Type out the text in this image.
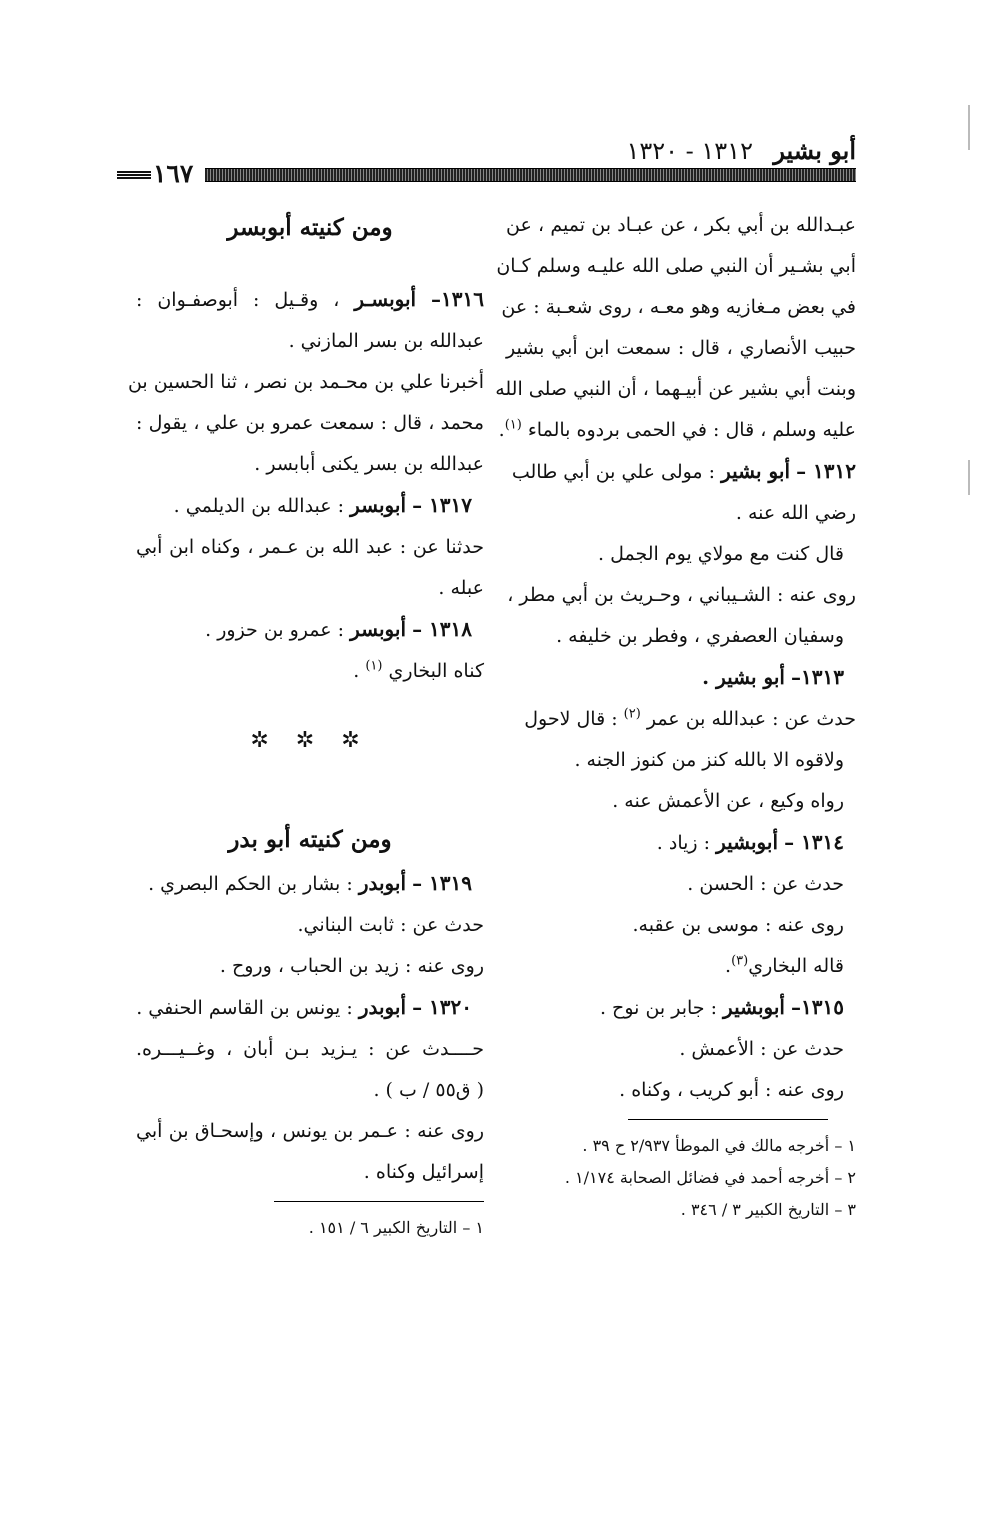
أبو بشير ١٣١٢ - ١٣٢٠
١٦٧
عبـدالله بن أبي بكر ، عن عبـاد بن تميم ، عن
أبي بشـير أن النبي صلى الله عليـه وسلم كـان
في بعض مـغازيه وهو معـه ، روى شعـبة : عن
حبيب الأنصاري ، قال : سمعت ابن أبي بشير
وبنت أبي بشير عن أبيـهما ، أن النبي صلى الله
عليه وسلم ، قال : في الحمى بردوه بالماء $^{(١)}$.
١٣١٢ – أبو بشير : مولى علي بن أبي طالب
رضي الله عنه .
قال كنت مع مولاي يوم الجمل .
روى عنه : الشـيباني ، وحـريث بن أبي مطر ،
وسفيان العصفري ، وفطر بن خليفه .
١٣١٣– أبو بشير .
حدث عن : عبدالله بن عمر $^{(٢)}$ : قال لاحول
ولاقوه الا بالله كنز من كنوز الجنه .
رواه وكيع ، عن الأعمش عنه .
١٣١٤ – أبوبشير : زياد .
حدث عن : الحسن .
روى عنه : موسى بن عقبه.
قاله البخاري$^{(٣)}$.
١٣١٥– أبوبشير : جابر بن نوح .
حدث عن : الأعمش .
روى عنه : أبو كريب ، وكناه .
١ – أخرجه مالك في الموطأ ٢/٩٣٧ ح ٣٩ .
٢ – أخرجه أحمد في فضائل الصحابة ١/١٧٤ .
٣ – التاريخ الكبير ٣ / ٣٤٦ .
ومن كنيته أبوبسر
١٣١٦– أبوبسـر ، وقـيل : أبوصفـوان :
عبدالله بن بسر المازني .
أخبرنا علي بن محـمد بن نصر ، ثنا الحسين بن
محمد ، قال : سمعت عمرو بن علي ، يقول :
عبدالله بن بسر يكنى أبابسر .
١٣١٧ – أبوبسر : عبدالله بن الديلمي .
حدثنا عن : عبد الله بن عـمر ، وكناه ابن أبي
عبله .
١٣١٨ – أبوبسر : عمرو بن حزور .
كناه البخاري $^{(١)}$ .
✲ ✲ ✲
ومن كنيته أبو بدر
١٣١٩ – أبوبدر : بشار بن الحكم البصري .
حدث عن : ثابت البناني.
روى عنه : زيد بن الحباب ، وروح .
١٣٢٠ – أبوبدر : يونس بن القاسم الحنفي .
حــــدث عن : يـزيد بـن أبان ، وغــيـــره.
( ق٥٥ / ب ) .
روى عنه : عـمر بن يونس ، وإسحـاق بن أبي
إسرائيل وكناه .
١ – التاريخ الكبير ٦ / ١٥١ .
